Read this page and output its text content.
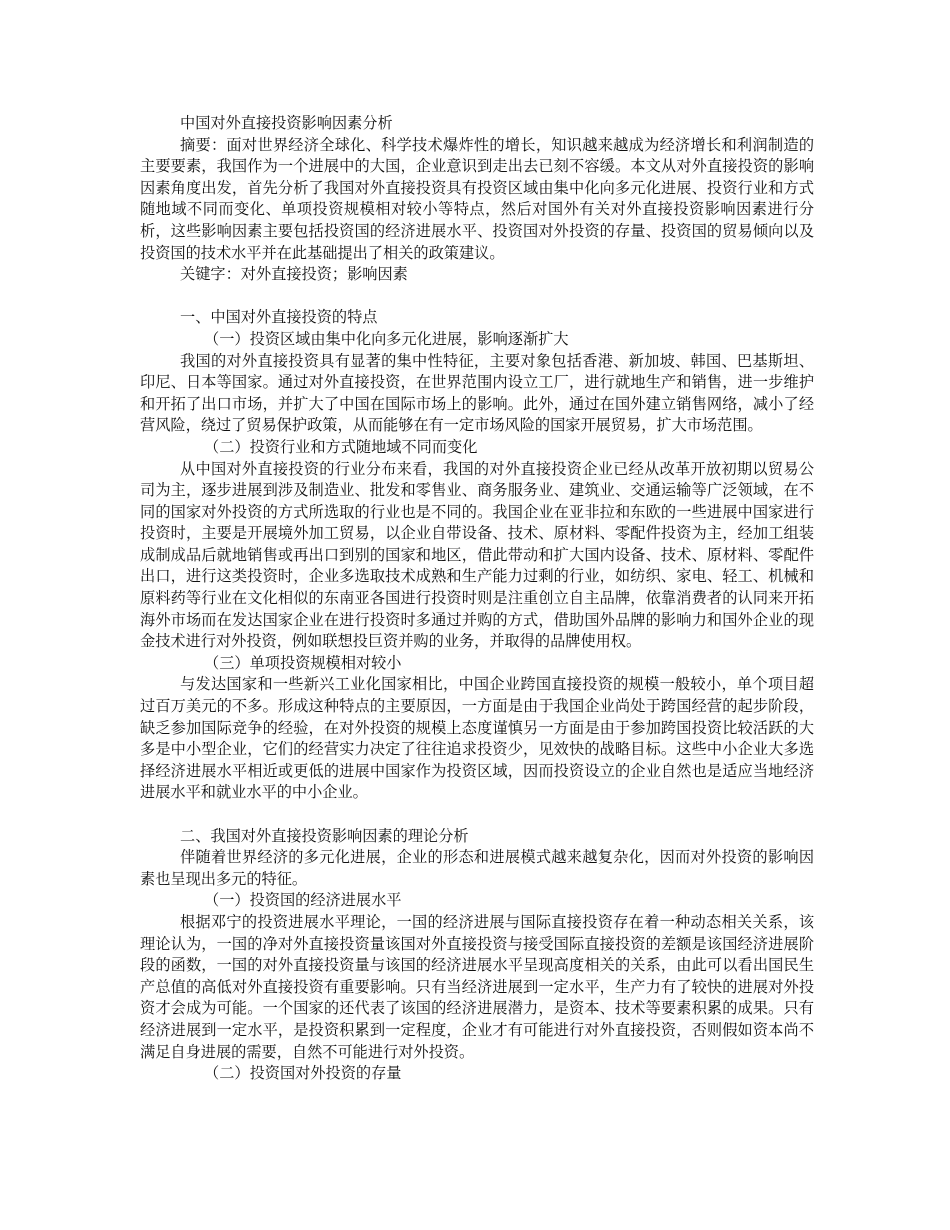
中国对外直接投资影响因素分析

摘要：面对世界经济全球化、科学技术爆炸性的增长，知识越来越成为经济增长和利润制造的主要要素，我国作为一个进展中的大国，企业意识到走出去已刻不容缓。本文从对外直接投资的影响因素角度出发，首先分析了我国对外直接投资具有投资区域由集中化向多元化进展、投资行业和方式随地域不同而变化、单项投资规模相对较小等特点，然后对国外有关对外直接投资影响因素进行分析，这些影响因素主要包括投资国的经济进展水平、投资国对外投资的存量、投资国的贸易倾向以及投资国的技术水平并在此基础提出了相关的政策建议。

关键字：对外直接投资；影响因素

一、中国对外直接投资的特点

（一）投资区域由集中化向多元化进展，影响逐渐扩大

我国的对外直接投资具有显著的集中性特征，主要对象包括香港、新加坡、韩国、巴基斯坦、印尼、日本等国家。通过对外直接投资，在世界范围内设立工厂，进行就地生产和销售，进一步维护和开拓了出口市场，并扩大了中国在国际市场上的影响。此外，通过在国外建立销售网络，减小了经营风险，绕过了贸易保护政策，从而能够在有一定市场风险的国家开展贸易，扩大市场范围。

（二）投资行业和方式随地域不同而变化

从中国对外直接投资的行业分布来看，我国的对外直接投资企业已经从改革开放初期以贸易公司为主，逐步进展到涉及制造业、批发和零售业、商务服务业、建筑业、交通运输等广泛领域，在不同的国家对外投资的方式所选取的行业也是不同的。我国企业在亚非拉和东欧的一些进展中国家进行投资时，主要是开展境外加工贸易，以企业自带设备、技术、原材料、零配件投资为主，经加工组装成制成品后就地销售或再出口到别的国家和地区，借此带动和扩大国内设备、技术、原材料、零配件出口，进行这类投资时，企业多选取技术成熟和生产能力过剩的行业，如纺织、家电、轻工、机械和原料药等行业在文化相似的东南亚各国进行投资时则是注重创立自主品牌，依靠消费者的认同来开拓海外市场而在发达国家企业在进行投资时多通过并购的方式，借助国外品牌的影响力和国外企业的现金技术进行对外投资，例如联想投巨资并购的业务，并取得的品牌使用权。

（三）单项投资规模相对较小

与发达国家和一些新兴工业化国家相比，中国企业跨国直接投资的规模一般较小，单个项目超过百万美元的不多。形成这种特点的主要原因，一方面是由于我国企业尚处于跨国经营的起步阶段，缺乏参加国际竞争的经验，在对外投资的规模上态度谨慎另一方面是由于参加跨国投资比较活跃的大多是中小型企业，它们的经营实力决定了往往追求投资少，见效快的战略目标。这些中小企业大多选择经济进展水平相近或更低的进展中国家作为投资区域，因而投资设立的企业自然也是适应当地经济进展水平和就业水平的中小企业。

二、我国对外直接投资影响因素的理论分析

伴随着世界经济的多元化进展，企业的形态和进展模式越来越复杂化，因而对外投资的影响因素也呈现出多元的特征。

（一）投资国的经济进展水平

根据邓宁的投资进展水平理论，一国的经济进展与国际直接投资存在着一种动态相关关系，该理论认为，一国的净对外直接投资量该国对外直接投资与接受国际直接投资的差额是该国经济进展阶段的函数，一国的对外直接投资量与该国的经济进展水平呈现高度相关的关系，由此可以看出国民生产总值的高低对外直接投资有重要影响。只有当经济进展到一定水平，生产力有了较快的进展对外投资才会成为可能。一个国家的还代表了该国的经济进展潜力，是资本、技术等要素积累的成果。只有经济进展到一定水平，是投资积累到一定程度，企业才有可能进行对外直接投资，否则假如资本尚不满足自身进展的需要，自然不可能进行对外投资。

（二）投资国对外投资的存量
